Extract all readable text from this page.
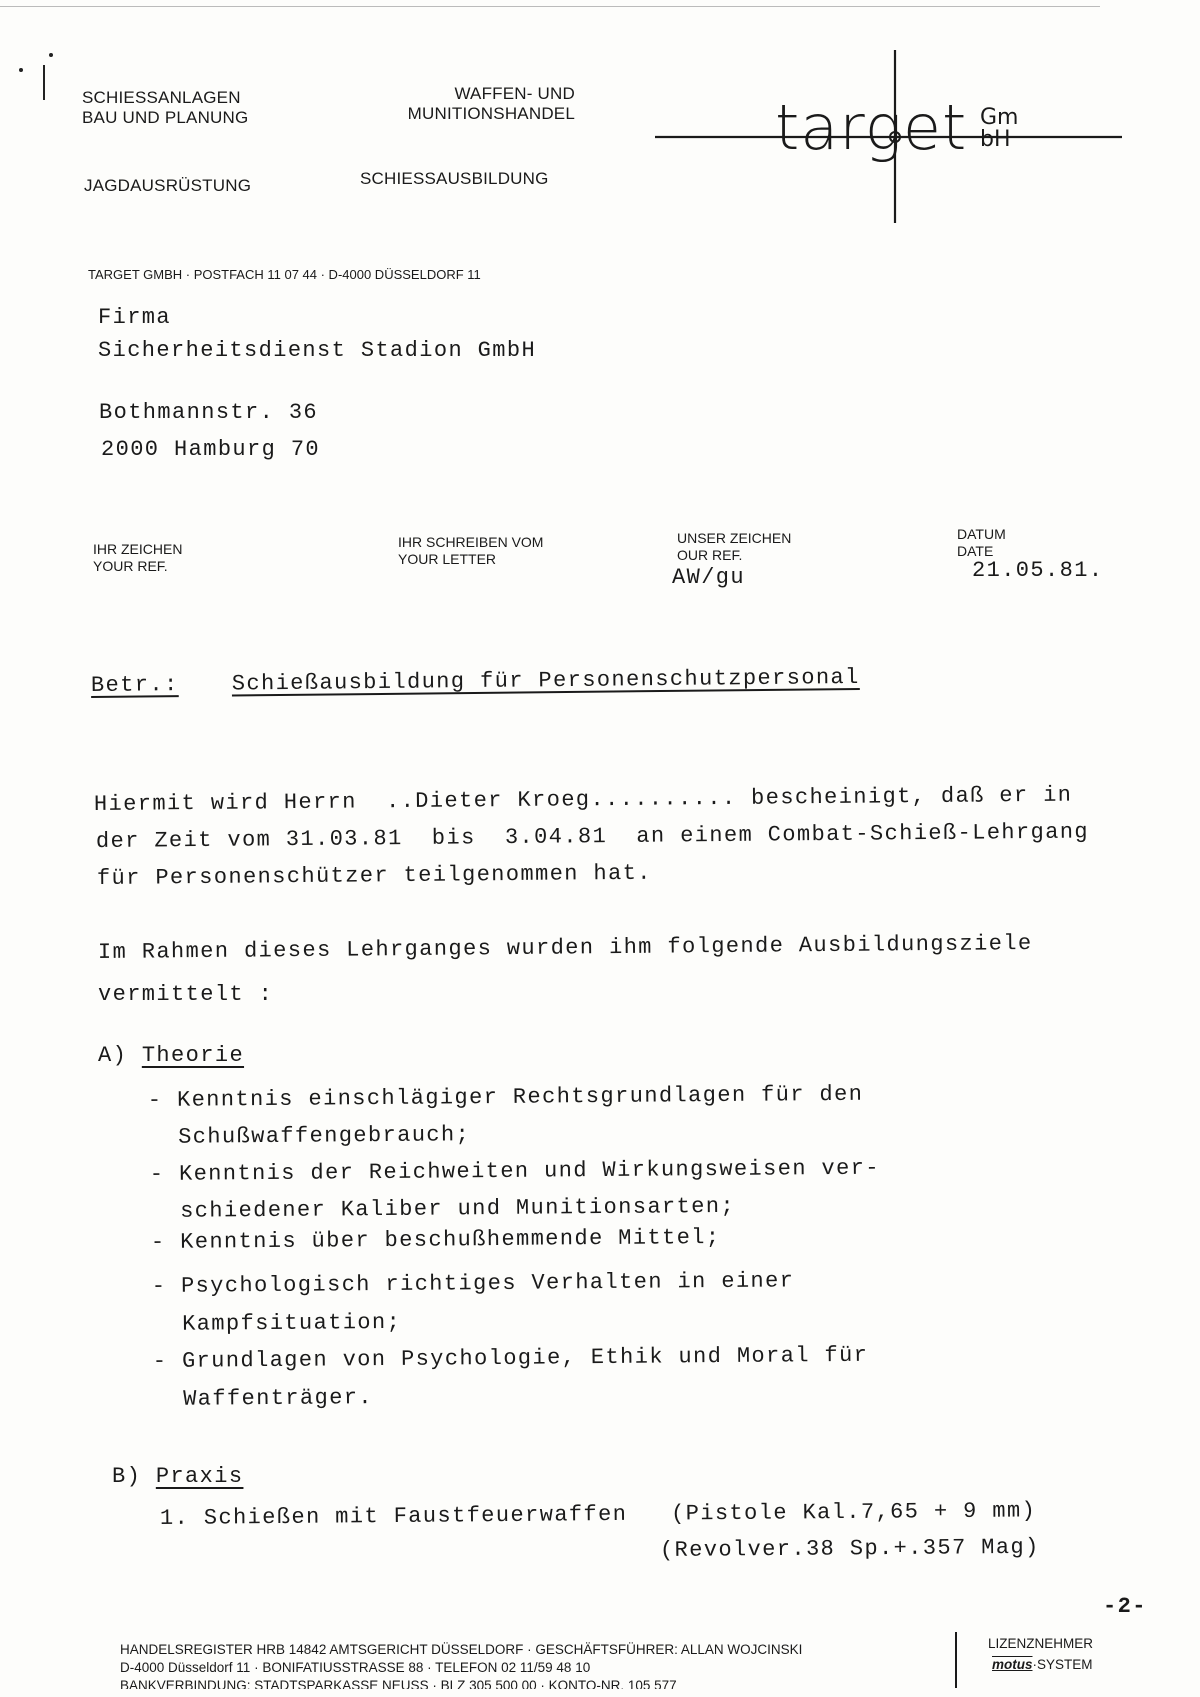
SCHIESSANLAGEN
BAU UND PLANUNG
WAFFEN- UND
MUNITIONSHANDEL
JAGDAUSRÜSTUNG	SCHIESSAUSBILDUNG
target Gm
bH
TARGET GMBH · POSTFACH 11 07 44 · D-4000 DÜSSELDORF 11
Firma
Sicherheitsdienst Stadion GmbH
Bothmannstr. 36
2000 Hamburg 70
IHR ZEICHEN
YOUR REF.
IHR SCHREIBEN VOM
YOUR LETTER
UNSER ZEICHEN
OUR REF.
AW/gu
DATUM
DATE
21.05.81.
Betr.: Schießausbildung für Personenschutzpersonal
Hiermit wird Herrn  ..Dieter Kroeg.......... bescheinigt, daß er in
der Zeit vom 31.03.81 bis 3.04.81 an einem Combat-Schieß-Lehrgang
für Personenschützer teilgenommen hat.
Im Rahmen dieses Lehrganges wurden ihm folgende Ausbildungsziele
vermittelt :
A) Theorie
- Kenntnis einschlägiger Rechtsgrundlagen für den
Schußwaffengebrauch;
- Kenntnis der Reichweiten und Wirkungsweisen ver-
schiedener Kaliber und Munitionsarten;
- Kenntnis über beschußhemmende Mittel;
- Psychologisch richtiges Verhalten in einer
Kampfsituation;
- Grundlagen von Psychologie, Ethik und Moral für
Waffenträger.
B) Praxis
1. Schießen mit Faustfeuerwaffen (Pistole Kal.7,65 + 9 mm)
(Revolver.38 Sp.+.357 Mag)
-2-
HANDELSREGISTER HRB 14842 AMTSGERICHT DÜSSELDORF · GESCHÄFTSFÜHRER: ALLAN WOJCINSKI
D-4000 Düsseldorf 11 · BONIFATIUSSTRASSE 88 · TELEFON 02 11/59 48 10
BANKVERBINDUNG: STADTSPARKASSE NEUSS · BLZ 305 500 00 · KONTO-NR. 105 577
LIZENZNEHMER
motus·SYSTEM
